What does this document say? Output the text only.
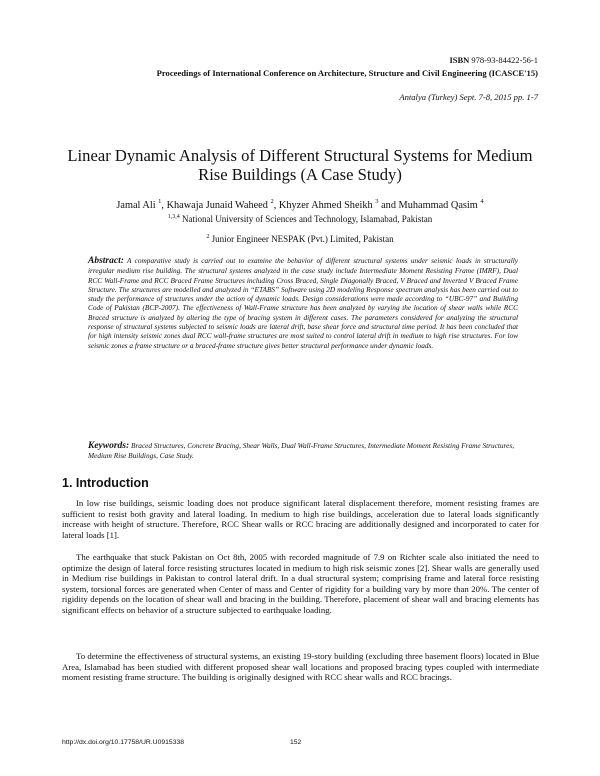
ISBN 978-93-84422-56-1
Proceedings of International Conference on Architecture, Structure and Civil Engineering (ICASCE'15)
Antalya (Turkey) Sept. 7-8, 2015 pp. 1-7
Linear Dynamic Analysis of Different Structural Systems for Medium Rise Buildings (A Case Study)
Jamal Ali $^1$, Khawaja Junaid Waheed $^2$, Khyzer Ahmed Sheikh $^3$ and Muhammad Qasim $^4$
$^{1,3,4}$ National University of Sciences and Technology, Islamabad, Pakistan
$^2$ Junior Engineer NESPAK (Pvt.) Limited, Pakistan
Abstract: A comparative study is carried out to examine the behavior of different structural systems under seismic loads in structurally irregular medium rise building. The structural systems analyzed in the case study include Intermediate Moment Resisting Frame (IMRF), Dual RCC Wall-Frame and RCC Braced Frame Structures including Cross Braced, Single Diagonally Braced, V Braced and Inverted V Braced Frame Structure. The structures are modelled and analyzed in “ETABS” Software using 2D modeling Response spectrum analysis has been carried out to study the performance of structures under the action of dynamic loads. Design considerations were made according to “UBC-97” and Building Code of Pakistan (BCP-2007). The effectiveness of Wall-Frame structure has been analyzed by varying the location of shear walls while RCC Braced structure is analyzed by altering the type of bracing system in different cases. The parameters considered for analyzing the structural response of structural systems subjected to seismic loads are lateral drift, base shear force and structural time period. It has been concluded that for high intensity seismic zones dual RCC wall-frame structures are most suited to control lateral drift in medium to high rise structures. For low seismic zones a frame structure or a braced-frame structure gives better structural performance under dynamic loads.
Keywords: Braced Structures, Concrete Bracing, Shear Walls, Dual Wall-Frame Structures, Intermediate Moment Resisting Frame Structures, Medium Rise Buildings, Case Study.
1. Introduction
In low rise buildings, seismic loading does not produce significant lateral displacement therefore, moment resisting frames are sufficient to resist both gravity and lateral loading. In medium to high rise buildings, acceleration due to lateral loads significantly increase with height of structure. Therefore, RCC Shear walls or RCC bracing are additionally designed and incorporated to cater for lateral loads [1].
The earthquake that stuck Pakistan on Oct 8th, 2005 with recorded magnitude of 7.9 on Richter scale also initiated the need to optimize the design of lateral force resisting structures located in medium to high risk seismic zones [2]. Shear walls are generally used in Medium rise buildings in Pakistan to control lateral drift. In a dual structural system; comprising frame and lateral force resisting system, torsional forces are generated when Center of mass and Center of rigidity for a building vary by more than 20%. The center of rigidity depends on the location of shear wall and bracing in the building. Therefore, placement of shear wall and bracing elements has significant effects on behavior of a structure subjected to earthquake loading.
To determine the effectiveness of structural systems, an existing 19-story building (excluding three basement floors) located in Blue Area, Islamabad has been studied with different proposed shear wall locations and proposed bracing types coupled with intermediate moment resisting frame structure. The building is originally designed with RCC shear walls and RCC bracings.
http://dx.doi.org/10.17758/UR.U0915338	152
